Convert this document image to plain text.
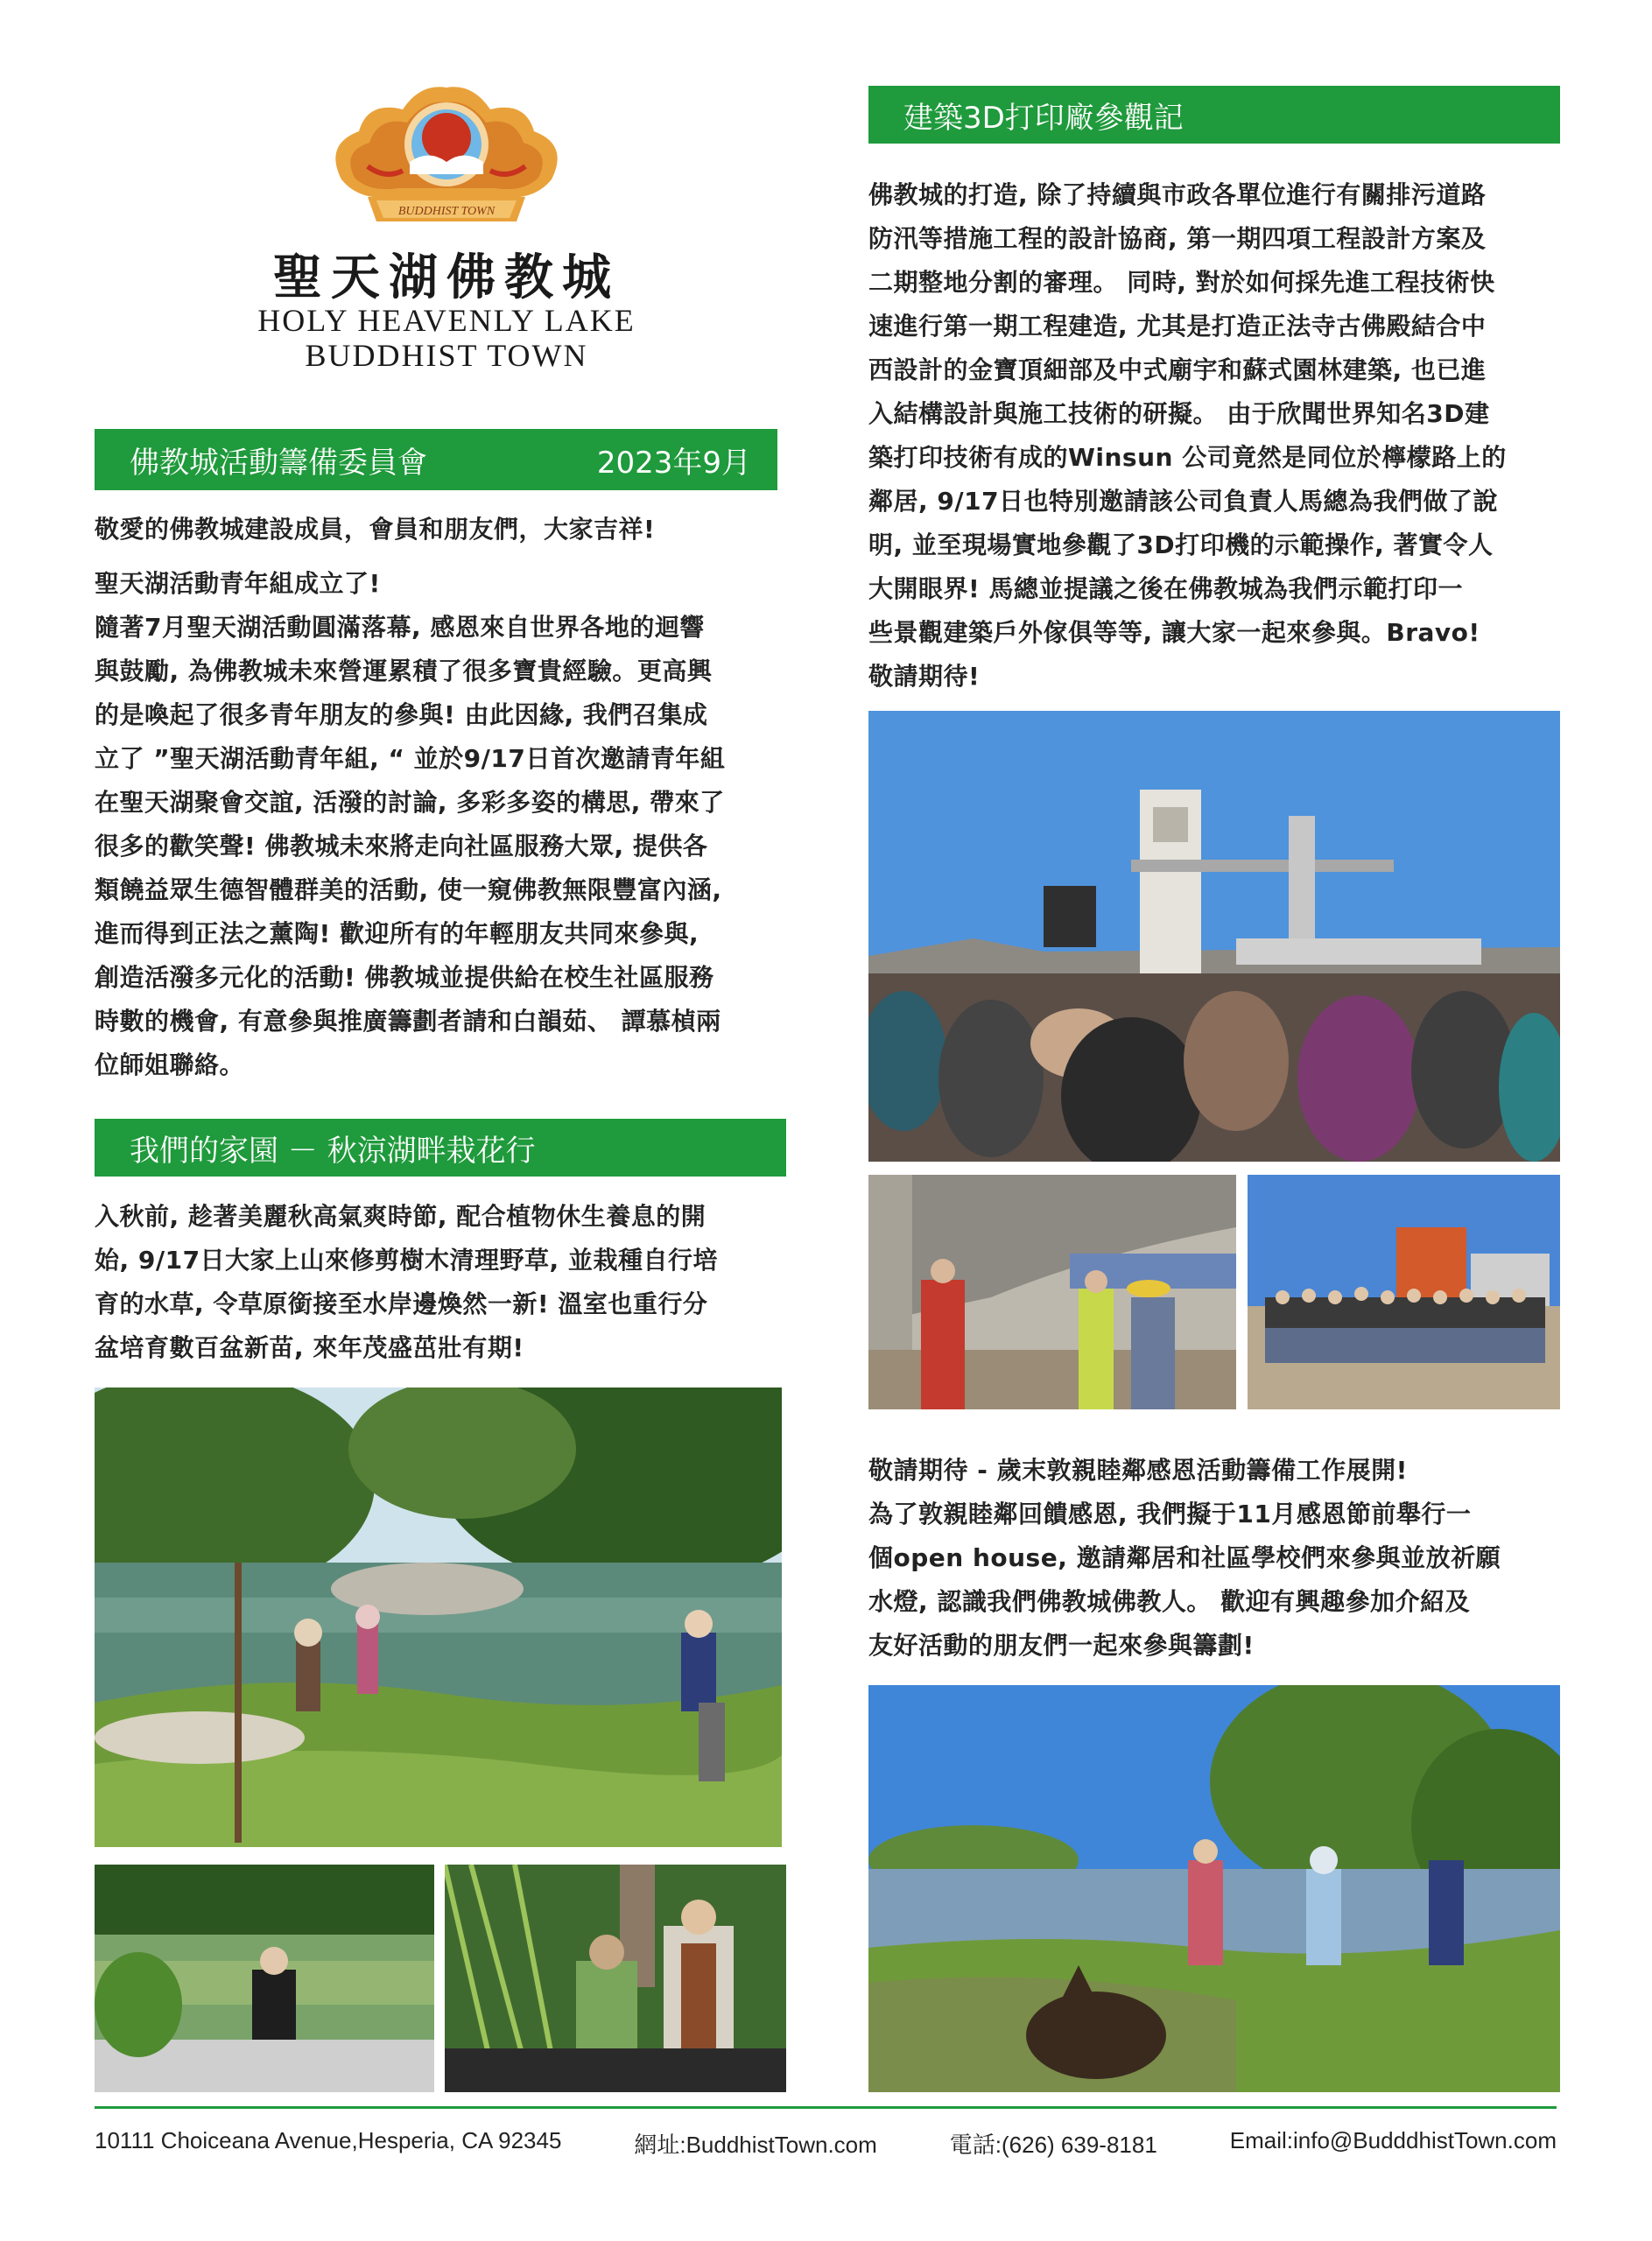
BUDDHIST TOWN
聖天湖佛教城
HOLY HEAVENLY LAKE
BUDDHIST TOWN
佛教城活動籌備委員會	2023年9月

敬愛的佛教城建設成員，會員和朋友們，大家吉祥!

聖天湖活動青年組成立了!

隨著7月聖天湖活動圓滿落幕, 感恩來自世界各地的迴響

與鼓勵, 為佛教城未來營運累積了很多寶貴經驗。更高興

的是喚起了很多青年朋友的參與! 由此因緣, 我們召集成

立了 ”聖天湖活動青年組, “ 並於9/17日首次邀請青年組

在聖天湖聚會交誼, 活潑的討論, 多彩多姿的構思, 帶來了

很多的歡笑聲! 佛教城未來將走向社區服務大眾, 提供各

類饒益眾生德智體群美的活動, 使一窺佛教無限豐富內涵,

進而得到正法之薰陶! 歡迎所有的年輕朋友共同來參與,

創造活潑多元化的活動! 佛教城並提供給在校生社區服務

時數的機會, 有意參與推廣籌劃者請和白韻茹、 譚慕楨兩

位師姐聯絡。

我們的家園 － 秋涼湖畔栽花行

入秋前, 趁著美麗秋高氣爽時節, 配合植物休生養息的開

始, 9/17日大家上山來修剪樹木清理野草, 並栽種自行培

育的水草, 令草原銜接至水岸邊煥然一新! 溫室也重行分

盆培育數百盆新苗, 來年茂盛茁壯有期!

建築3D打印廠參觀記

佛教城的打造, 除了持續與市政各單位進行有關排污道路

防汛等措施工程的設計協商, 第一期四項工程設計方案及

二期整地分割的審理。 同時, 對於如何採先進工程技術快

速進行第一期工程建造, 尤其是打造正法寺古佛殿結合中

西設計的金寶頂細部及中式廟宇和蘇式園林建築, 也已進

入結構設計與施工技術的研擬。 由于欣聞世界知名3D建

築打印技術有成的Winsun 公司竟然是同位於檸檬路上的

鄰居, 9/17日也特別邀請該公司負責人馬總為我們做了說

明, 並至現場實地參觀了3D打印機的示範操作, 著實令人

大開眼界! 馬總並提議之後在佛教城為我們示範打印一

些景觀建築戶外傢俱等等, 讓大家一起來參與。Bravo!

敬請期待!

敬請期待 - 歲末敦親睦鄰感恩活動籌備工作展開!

為了敦親睦鄰回饋感恩, 我們擬于11月感恩節前舉行一

個open house, 邀請鄰居和社區學校們來參與並放祈願

水燈, 認識我們佛教城佛教人。 歡迎有興趣參加介紹及

友好活動的朋友們一起來參與籌劃!

10111 Choiceana Avenue,Hesperia, CA 92345	網址:BuddhistTown.com	電話:(626) 639-8181	Email:info@BudddhistTown.com
